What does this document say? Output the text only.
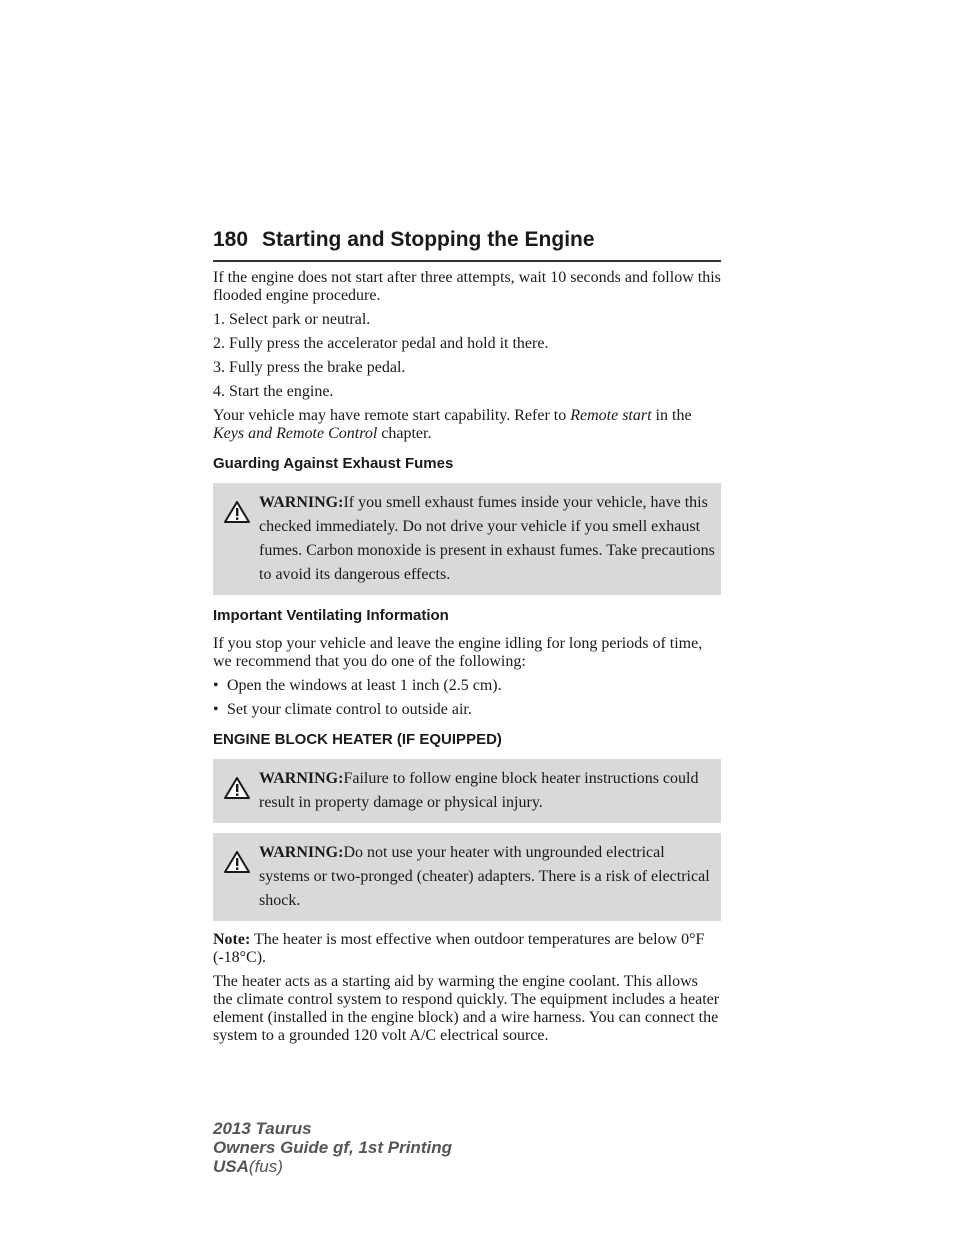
180 Starting and Stopping the Engine

If the engine does not start after three attempts, wait 10 seconds and follow this flooded engine procedure.

1. Select park or neutral.

2. Fully press the accelerator pedal and hold it there.

3. Fully press the brake pedal.

4. Start the engine.

Your vehicle may have remote start capability. Refer to Remote start in the Keys and Remote Control chapter.

Guarding Against Exhaust Fumes
WARNING:If you smell exhaust fumes inside your vehicle, have this checked immediately. Do not drive your vehicle if you smell exhaust fumes. Carbon monoxide is present in exhaust fumes. Take precautions to avoid its dangerous effects.
Important Ventilating Information

If you stop your vehicle and leave the engine idling for long periods of time, we recommend that you do one of the following:

• Open the windows at least 1 inch (2.5 cm).
• Set your climate control to outside air.
ENGINE BLOCK HEATER (IF EQUIPPED)
WARNING:Failure to follow engine block heater instructions could result in property damage or physical injury.
WARNING:Do not use your heater with ungrounded electrical systems or two-pronged (cheater) adapters. There is a risk of electrical shock.

Note: The heater is most effective when outdoor temperatures are below 0°F (-18°C).

The heater acts as a starting aid by warming the engine coolant. This allows the climate control system to respond quickly. The equipment includes a heater element (installed in the engine block) and a wire harness. You can connect the system to a grounded 120 volt A/C electrical source.

2013 Taurus
Owners Guide gf, 1st Printing
USA(fus)
